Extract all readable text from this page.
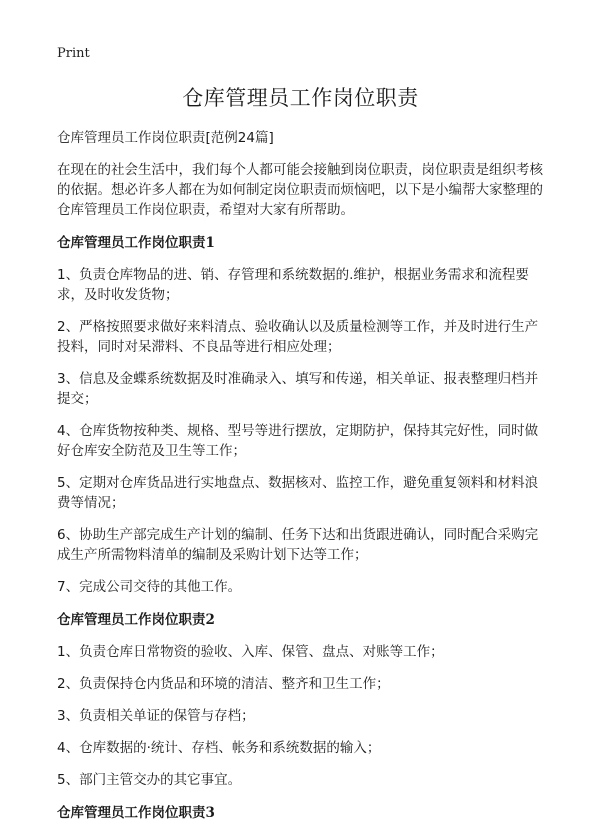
Print
仓库管理员工作岗位职责
仓库管理员工作岗位职责[范例24篇]
在现在的社会生活中，我们每个人都可能会接触到岗位职责，岗位职责是组织考核的依据。想必许多人都在为如何制定岗位职责而烦恼吧，以下是小编帮大家整理的仓库管理员工作岗位职责，希望对大家有所帮助。
仓库管理员工作岗位职责1
1、负责仓库物品的进、销、存管理和系统数据的.维护，根据业务需求和流程要求，及时收发货物；
2、严格按照要求做好来料清点、验收确认以及质量检测等工作，并及时进行生产投料，同时对呆滞料、不良品等进行相应处理；
3、信息及金蝶系统数据及时准确录入、填写和传递，相关单证、报表整理归档并提交；
4、仓库货物按种类、规格、型号等进行摆放，定期防护，保持其完好性，同时做好仓库安全防范及卫生等工作；
5、定期对仓库货品进行实地盘点、数据核对、监控工作，避免重复领料和材料浪费等情况；
6、协助生产部完成生产计划的编制、任务下达和出货跟进确认，同时配合采购完成生产所需物料清单的编制及采购计划下达等工作；
7、完成公司交待的其他工作。
仓库管理员工作岗位职责2
1、负责仓库日常物资的验收、入库、保管、盘点、对账等工作；
2、负责保持仓内货品和环境的清洁、整齐和卫生工作；
3、负责相关单证的保管与存档；
4、仓库数据的·统计、存档、帐务和系统数据的输入；
5、部门主管交办的其它事宜。
仓库管理员工作岗位职责3
